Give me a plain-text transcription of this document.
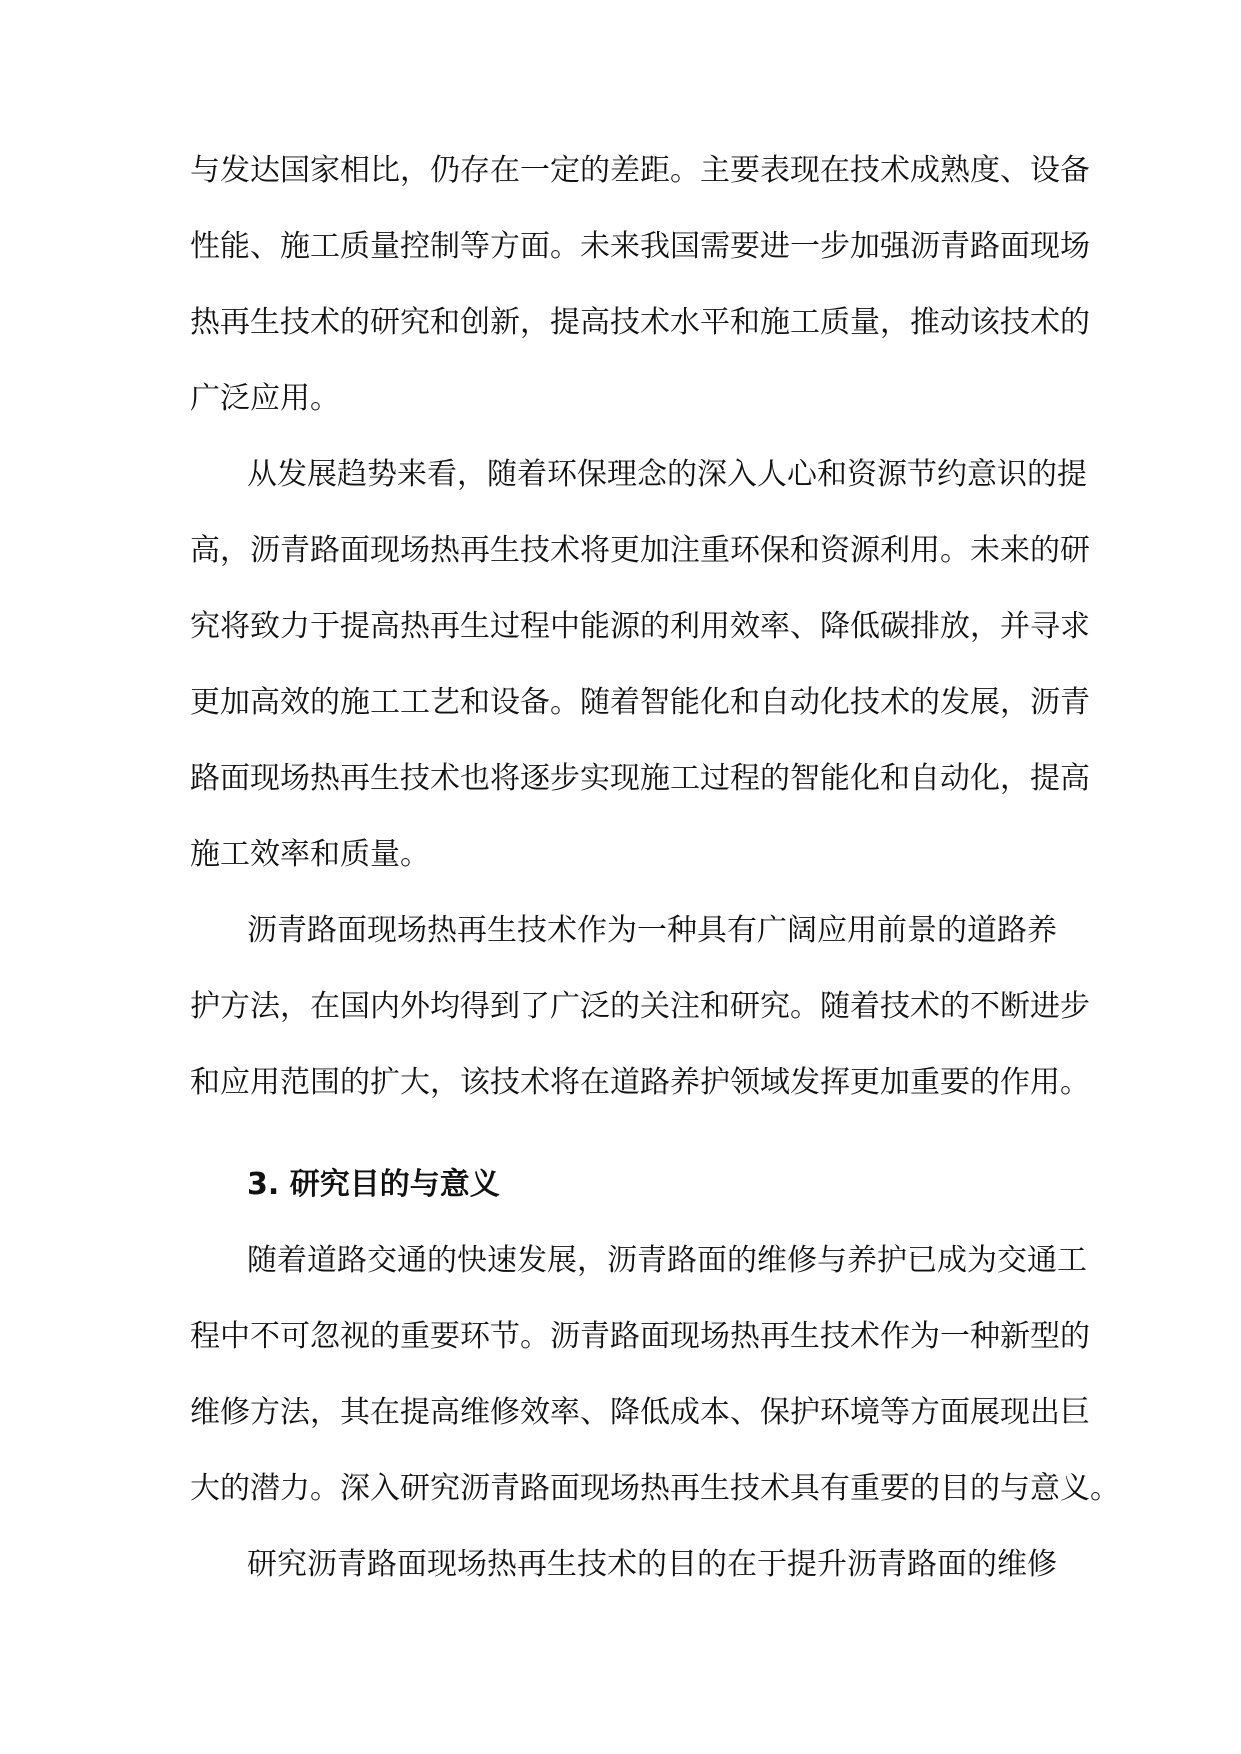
与发达国家相比，仍存在一定的差距。主要表现在技术成熟度、设备
性能、施工质量控制等方面。未来我国需要进一步加强沥青路面现场
热再生技术的研究和创新，提高技术水平和施工质量，推动该技术的
广泛应用。
从发展趋势来看，随着环保理念的深入人心和资源节约意识的提
高，沥青路面现场热再生技术将更加注重环保和资源利用。未来的研
究将致力于提高热再生过程中能源的利用效率、降低碳排放，并寻求
更加高效的施工工艺和设备。随着智能化和自动化技术的发展，沥青
路面现场热再生技术也将逐步实现施工过程的智能化和自动化，提高
施工效率和质量。
沥青路面现场热再生技术作为一种具有广阔应用前景的道路养
护方法，在国内外均得到了广泛的关注和研究。随着技术的不断进步
和应用范围的扩大，该技术将在道路养护领域发挥更加重要的作用。
3. 研究目的与意义
随着道路交通的快速发展，沥青路面的维修与养护已成为交通工
程中不可忽视的重要环节。沥青路面现场热再生技术作为一种新型的
维修方法，其在提高维修效率、降低成本、保护环境等方面展现出巨
大的潜力。深入研究沥青路面现场热再生技术具有重要的目的与意义。
研究沥青路面现场热再生技术的目的在于提升沥青路面的维修
